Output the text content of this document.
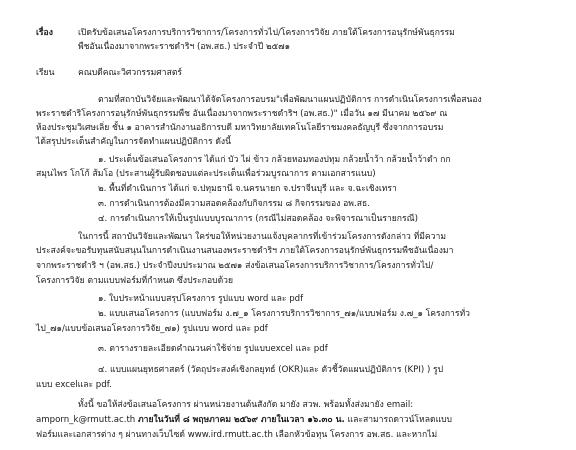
เรื่อง	เปิดรับข้อเสนอโครงการบริการวิชาการ/โครงการทั่วไป/โครงการวิจัย ภายใต้โครงการอนุรักษ์พันธุกรรม
พืชอันเนื่องมาจากพระราชดำริฯ (อพ.สธ.) ประจำปี ๒๕๗๑
เรียน	คณบดีคณะวิศวกรรมศาสตร์
ตามที่สถาบันวิจัยและพัฒนาได้จัดโครงการอบรม"เพื่อพัฒนาแผนปฏิบัติการ การดำเนินโครงการเพื่อสนอง
พระราชดำริโครงการอนุรักษ์พันธุกรรมพืช อันเนื่องมาจากพระราชดำริฯ (อพ.สธ.)" เมื่อวัน ๑๗ มีนาคม ๒๕๖๙ ณ
ห้องประชุมวิเศษเลิ่ย ชั้น ๑ อาคารสำนักงานอธิการบดี มหาวิทยาลัยเทคโนโลยีราชมงคลธัญบุรี ซึ่งจากการอบรม
ได้สรุปประเด็นสำคัญในการจัดทำแผนปฏิบัติการ ดังนี้
๑. ประเด็นข้อเสนอโครงการ ได้แก่ บัว ไผ่ ข้าว กล้วยหอมทองปทุม กล้วยน้ำว้า กล้วยน้ำว้าดำ กก
สมุนไพร โกโก้ ส้มโอ (ประสานผู้รับผิดชอบแต่ละประเด็นเพื่อร่วมบูรณาการ ตามเอกสารแนบ)
๒. พื้นที่ดำเนินการ ได้แก่ จ.ปทุมธานี จ.นครนายก จ.ปราจีนบุรี และ จ.ฉะเชิงเทรา
๓. การดำเนินการต้องมีความสอดคล้องกับกิจกรรม ๘ กิจกรรมของ อพ.สธ.
๔. การดำเนินการให้เป็นรูปแบบบูรณาการ (กรณีไม่สอดคล้อง จะพิจารณาเป็นรายกรณี)
ในการนี้ สถาบันวิจัยและพัฒนา ใคร่ขอให้หน่วยงานแจ้งบุคลากรที่เข้าร่วมโครงการดังกล่าว ที่มีความ
ประสงค์จะขอรับทุนสนับสนุนในการดำเนินงานสนองพระราชดำริฯ ภายใต้โครงการอนุรักษ์พันธุกรรมพืชอันเนื่องมา
จากพระราชดำริ ฯ (อพ.สธ.) ประจำปีงบประมาณ ๒๕๗๑ ส่งข้อเสนอโครงการบริการวิชาการ/โครงการทั่วไป/
โครงการวิจัย ตามแบบฟอร์มที่กำหนด ซึ่งประกอบด้วย
๑. ใบประหน้าแบบสรุปโครงการ รูปแบบ word และ pdf
๒. แบบเสนอโครงการ (แบบฟอร์ม ง.๗_๑ โครงการบริการวิชาการ_๗๑/แบบฟอร์ม ง.๗_๑ โครงการทั่ว
ไป_๗๑/แบบข้อเสนอโครงการวิจัย_๗๑) รูปแบบ word และ pdf
๓. ตารางรายละเอียดคำณวนค่าใช้จ่าย รูปแบบexcel และ pdf
๔. แบบแผนยุทธศาสตร์ (วัตถุประสงค์เชิงกลยุทธ์ (OKR)และ ตัวชี้วัดแผนปฏิบัติการ (KPI) ) รูป
แบบ excelและ pdf.
ทั้งนี้ ขอให้ส่งข้อเสนอโครงการ ผ่านหน่วยงานต้นสังกัด มายัง สวพ. พร้อมทั้งส่งมายัง email:
amporn_k@rmutt.ac.th ภายในวันที่ ๘ พฤษภาคม ๒๕๖๙ ภายในเวลา ๑๖.๓๐ น. และสามารถดาวน์โหลดแบบ
ฟอร์มและเอกสารต่าง ๆ ผ่านทางเว็บไซด์ www.ird.rmutt.ac.th เลือกหัวข้อทุน โครงการ อพ.สธ. และหากไม่
